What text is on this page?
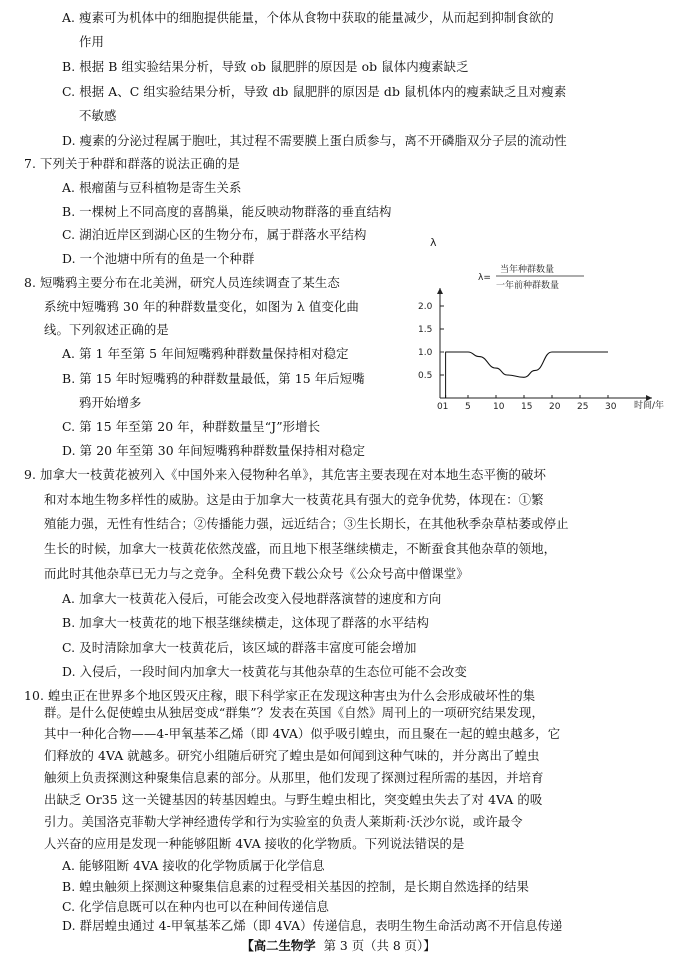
A. 瘦素可为机体中的细胞提供能量，个体从食物中获取的能量减少，从而起到抑制食欲的
作用
B. 根据 B 组实验结果分析，导致 ob 鼠肥胖的原因是 ob 鼠体内瘦素缺乏
C. 根据 A、C 组实验结果分析，导致 db 鼠肥胖的原因是 db 鼠机体内的瘦素缺乏且对瘦素
不敏感
D. 瘦素的分泌过程属于胞吐，其过程不需要膜上蛋白质参与，离不开磷脂双分子层的流动性
7. 下列关于种群和群落的说法正确的是
A. 根瘤菌与豆科植物是寄生关系
B. 一棵树上不同高度的喜鹊巢，能反映动物群落的垂直结构
C. 湖泊近岸区到湖心区的生物分布，属于群落水平结构
D. 一个池塘中所有的鱼是一个种群
8. 短嘴鸦主要分布在北美洲，研究人员连续调查了某生态
系统中短嘴鸦 30 年的种群数量变化，如图为 λ 值变化曲
线。下列叙述正确的是
A. 第 1 年至第 5 年间短嘴鸦种群数量保持相对稳定
B. 第 15 年时短嘴鸦的种群数量最低，第 15 年后短嘴
鸦开始增多
C. 第 15 年至第 20 年，种群数量呈“J”形增长
D. 第 20 年至第 30 年间短嘴鸦种群数量保持相对稳定
λ
λ=
当年种群数量
一年前种群数量
2.0
1.5
1.0
0.5
0 1 5 10 15 20 25 30 时间/年
9. 加拿大一枝黄花被列入《中国外来入侵物种名单》，其危害主要表现在对本地生态平衡的破坏
和对本地生物多样性的威胁。这是由于加拿大一枝黄花具有强大的竞争优势，体现在：①繁
殖能力强，无性有性结合；②传播能力强，远近结合；③生长期长，在其他秋季杂草枯萎或停止
生长的时候，加拿大一枝黄花依然茂盛，而且地下根茎继续横走，不断蚕食其他杂草的领地，
而此时其他杂草已无力与之竞争。全科免费下载公众号《公众号高中僧课堂》
A. 加拿大一枝黄花入侵后，可能会改变入侵地群落演替的速度和方向
B. 加拿大一枝黄花的地下根茎继续横走，这体现了群落的水平结构
C. 及时清除加拿大一枝黄花后，该区域的群落丰富度可能会增加
D. 入侵后，一段时间内加拿大一枝黄花与其他杂草的生态位可能不会改变
10. 蝗虫正在世界多个地区毁灭庄稼，眼下科学家正在发现这种害虫为什么会形成破坏性的集
群。是什么促使蝗虫从独居变成“群集”？发表在英国《自然》周刊上的一项研究结果发现，
其中一种化合物——4-甲氧基苯乙烯（即 4VA）似乎吸引蝗虫，而且聚在一起的蝗虫越多，它
们释放的 4VA 就越多。研究小组随后研究了蝗虫是如何闻到这种气味的，并分离出了蝗虫
触须上负责探测这种聚集信息素的部分。从那里，他们发现了探测过程所需的基因，并培育
出缺乏 Or35 这一关键基因的转基因蝗虫。与野生蝗虫相比，突变蝗虫失去了对 4VA 的吸
引力。美国洛克菲勒大学神经遗传学和行为实验室的负责人莱斯莉·沃沙尔说，或许最令
人兴奋的应用是发现一种能够阻断 4VA 接收的化学物质。下列说法错误的是
A. 能够阻断 4VA 接收的化学物质属于化学信息
B. 蝗虫触须上探测这种聚集信息素的过程受相关基因的控制，是长期自然选择的结果
【高二生物学 第 3 页（共 8 页）】
C. 化学信息既可以在种内也可以在种间传递信息
D. 群居蝗虫通过 4-甲氧基苯乙烯（即 4VA）传递信息，表明生物生命活动离不开信息传递
